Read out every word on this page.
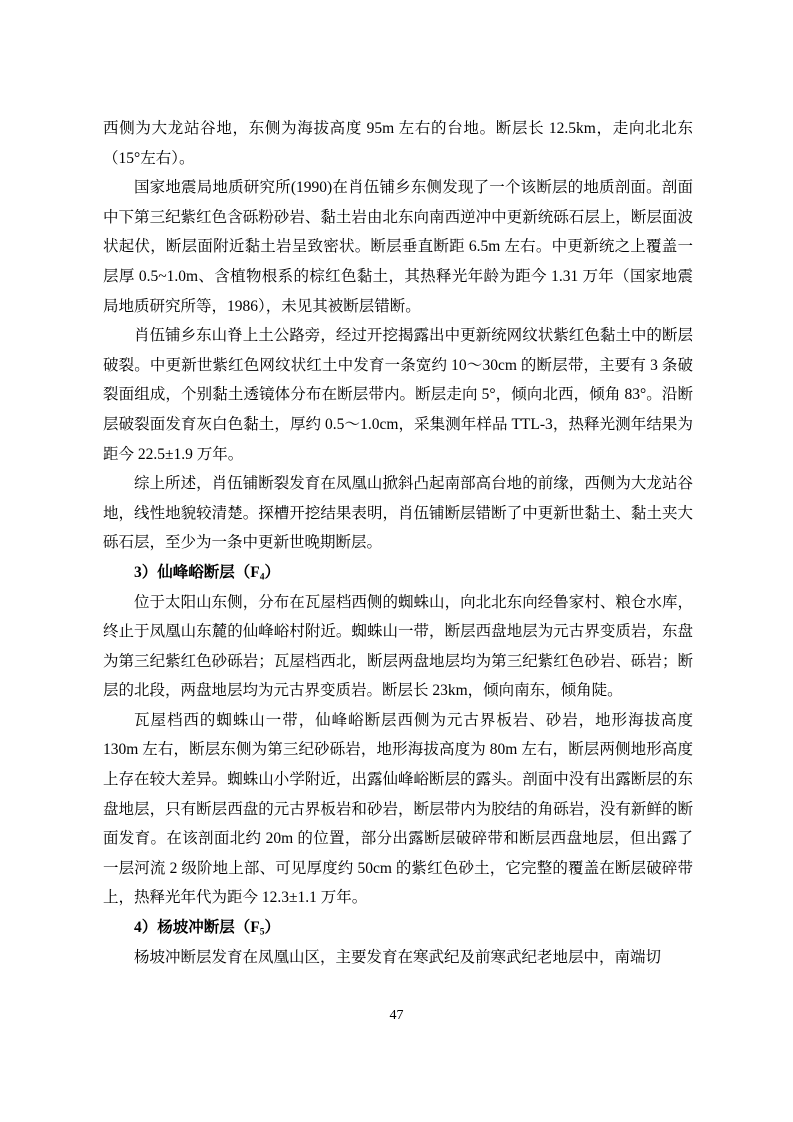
西侧为大龙站谷地，东侧为海拔高度 95m 左右的台地。断层长 12.5km，走向北北东（15°左右）。

国家地震局地质研究所(1990)在肖伍铺乡东侧发现了一个该断层的地质剖面。剖面中下第三纪紫红色含砾粉砂岩、黏土岩由北东向南西逆冲中更新统砾石层上，断层面波状起伏，断层面附近黏土岩呈致密状。断层垂直断距 6.5m 左右。中更新统之上覆盖一层厚 0.5~1.0m、含植物根系的棕红色黏土，其热释光年龄为距今 1.31 万年（国家地震局地质研究所等，1986），未见其被断层错断。

肖伍铺乡东山脊上土公路旁，经过开挖揭露出中更新统网纹状紫红色黏土中的断层破裂。中更新世紫红色网纹状红土中发育一条宽约 10～30cm 的断层带，主要有 3 条破裂面组成，个别黏土透镜体分布在断层带内。断层走向 5°，倾向北西，倾角 83°。沿断层破裂面发育灰白色黏土，厚约 0.5～1.0cm，采集测年样品 TTL-3，热释光测年结果为距今 22.5±1.9 万年。

综上所述，肖伍铺断裂发育在凤凰山掀斜凸起南部高台地的前缘，西侧为大龙站谷地，线性地貌较清楚。探槽开挖结果表明，肖伍铺断层错断了中更新世黏土、黏土夹大砾石层，至少为一条中更新世晚期断层。

3）仙峰峪断层$(F_4)$

位于太阳山东侧，分布在瓦屋档西侧的蜘蛛山，向北北东向经鲁家村、粮仓水库，终止于凤凰山东麓的仙峰峪村附近。蜘蛛山一带，断层西盘地层为元古界变质岩，东盘为第三纪紫红色砂砾岩；瓦屋档西北，断层两盘地层均为第三纪紫红色砂岩、砾岩；断层的北段，两盘地层均为元古界变质岩。断层长 23km，倾向南东，倾角陡。

瓦屋档西的蜘蛛山一带，仙峰峪断层西侧为元古界板岩、砂岩，地形海拔高度 130m 左右，断层东侧为第三纪砂砾岩，地形海拔高度为 80m 左右，断层两侧地形高度上存在较大差异。蜘蛛山小学附近，出露仙峰峪断层的露头。剖面中没有出露断层的东盘地层，只有断层西盘的元古界板岩和砂岩，断层带内为胶结的角砾岩，没有新鲜的断面发育。在该剖面北约 20m 的位置，部分出露断层破碎带和断层西盘地层，但出露了一层河流 2 级阶地上部、可见厚度约 50cm 的紫红色砂土，它完整的覆盖在断层破碎带上，热释光年代为距今 12.3±1.1 万年。

4）杨坡冲断层$(F_5)$

杨坡冲断层发育在凤凰山区，主要发育在寒武纪及前寒武纪老地层中，南端切

47
